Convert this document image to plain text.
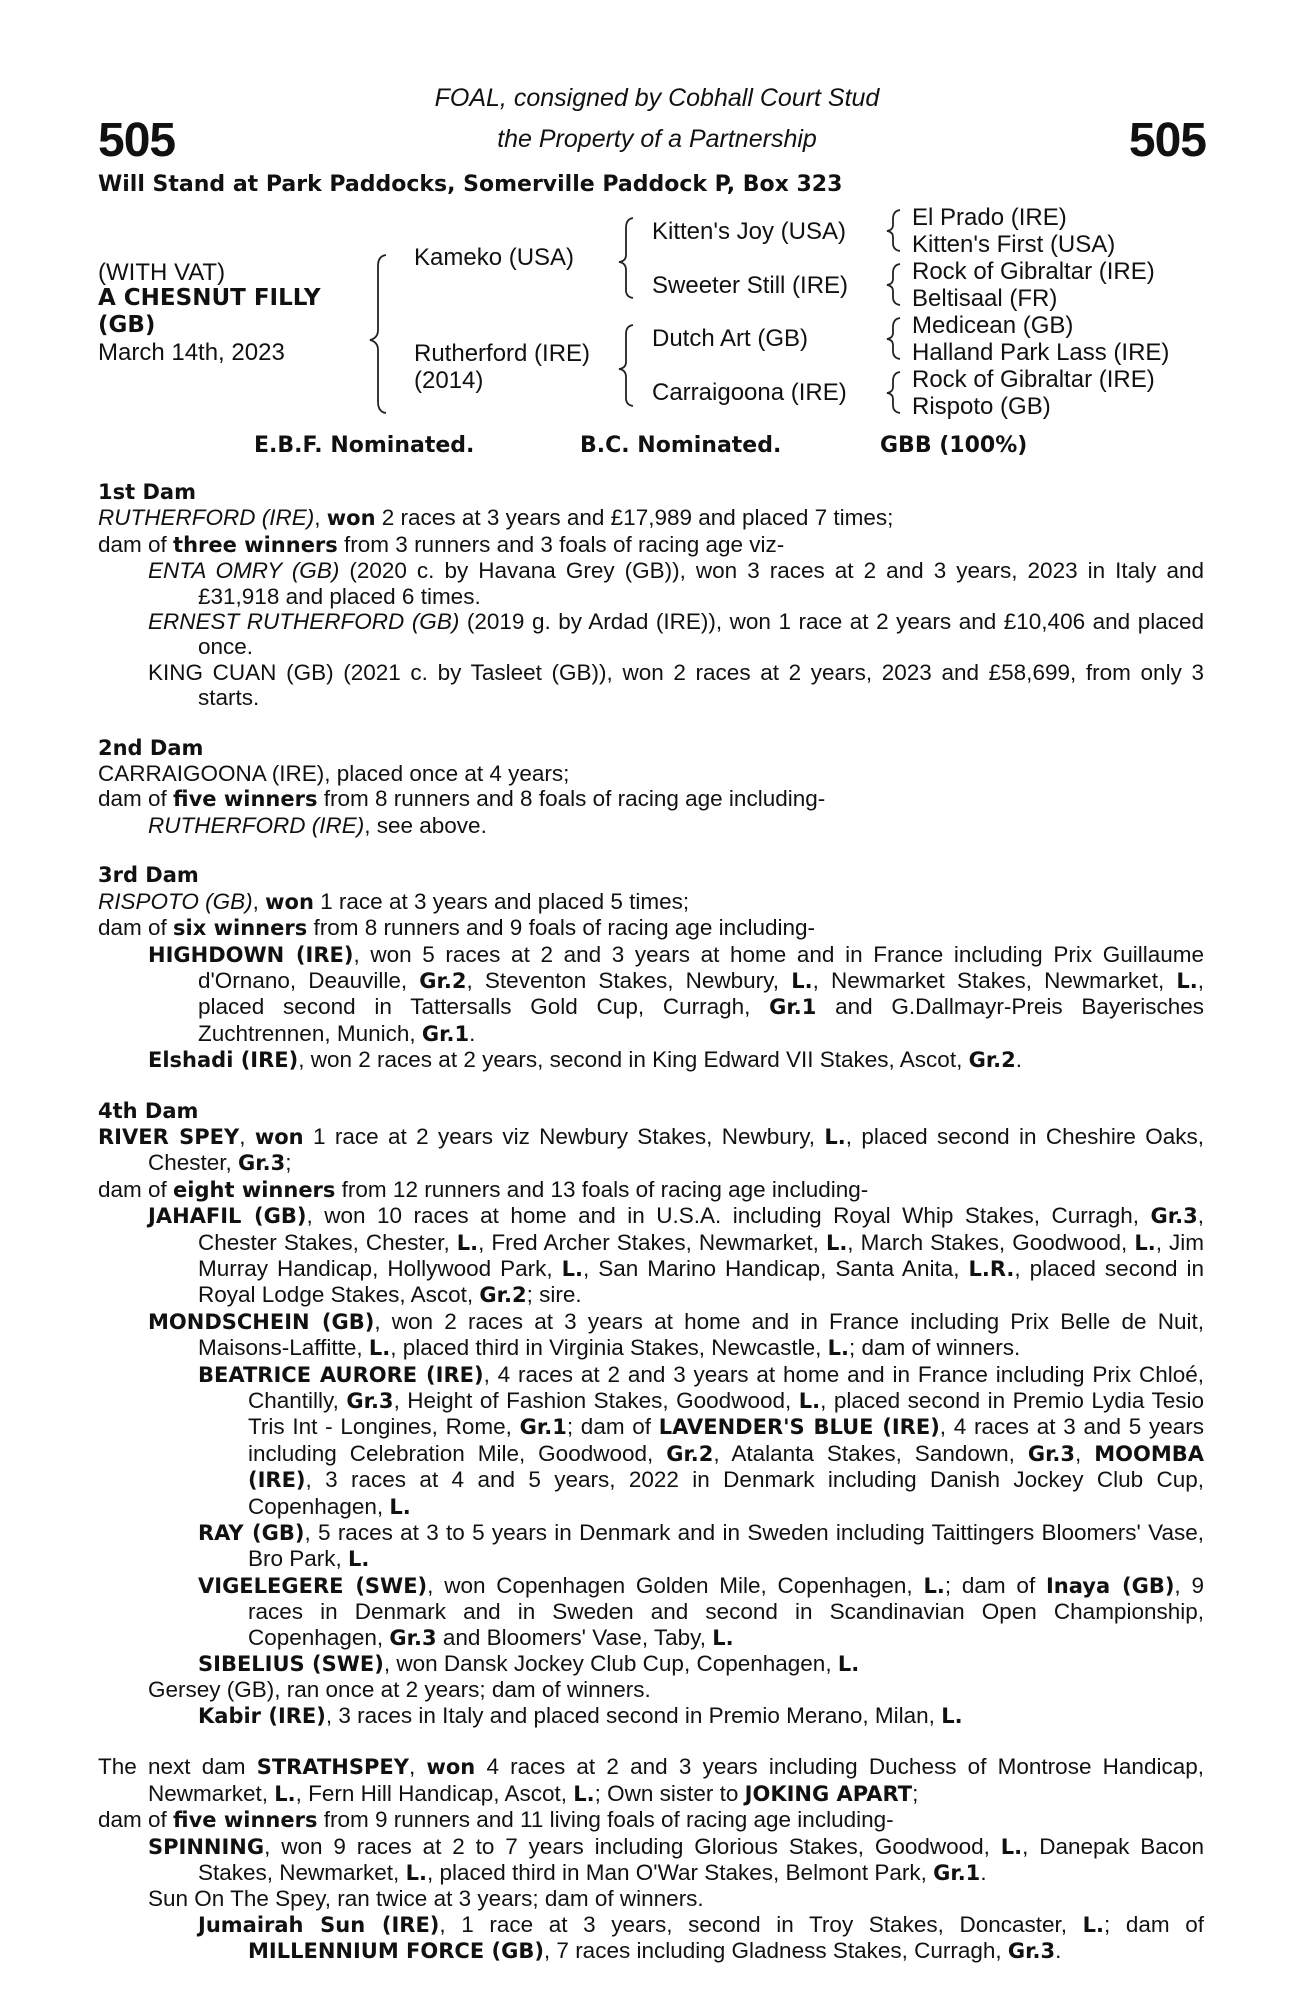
505	505
FOAL, consigned by Cobhall Court Stud
the Property of a Partnership
Will Stand at Park Paddocks, Somerville Paddock P, Box 323
(WITH VAT)
A CHESNUT FILLY
(GB)
March 14th, 2023
Kameko (USA)
Rutherford (IRE)
(2014)
Kitten's Joy (USA)
Sweeter Still (IRE)
Dutch Art (GB)
Carraigoona (IRE)
El Prado (IRE)
Kitten's First (USA)
Rock of Gibraltar (IRE)
Beltisaal (FR)
Medicean (GB)
Halland Park Lass (IRE)
Rock of Gibraltar (IRE)
Rispoto (GB)
E.B.F. Nominated.	B.C. Nominated.	GBB (100%)

1st Dam

RUTHERFORD (IRE), won 2 races at 3 years and £17,989 and placed 7 times;

dam of three winners from 3 runners and 3 foals of racing age viz-

ENTA OMRY (GB) (2020 c. by Havana Grey (GB)), won 3 races at 2 and 3 years, 2023 in Italy and £31,918 and placed 6 times.

ERNEST RUTHERFORD (GB) (2019 g. by Ardad (IRE)), won 1 race at 2 years and £10,406 and placed once.

KING CUAN (GB) (2021 c. by Tasleet (GB)), won 2 races at 2 years, 2023 and £58,699, from only 3 starts.

2nd Dam

CARRAIGOONA (IRE), placed once at 4 years;

dam of five winners from 8 runners and 8 foals of racing age including-

RUTHERFORD (IRE), see above.

3rd Dam

RISPOTO (GB), won 1 race at 3 years and placed 5 times;

dam of six winners from 8 runners and 9 foals of racing age including-

HIGHDOWN (IRE), won 5 races at 2 and 3 years at home and in France including Prix Guillaume d'Ornano, Deauville, Gr.2, Steventon Stakes, Newbury, L., Newmarket Stakes, Newmarket, L., placed second in Tattersalls Gold Cup, Curragh, Gr.1 and G.Dallmayr-Preis Bayerisches Zuchtrennen, Munich, Gr.1.

Elshadi (IRE), won 2 races at 2 years, second in King Edward VII Stakes, Ascot, Gr.2.

4th Dam

RIVER SPEY, won 1 race at 2 years viz Newbury Stakes, Newbury, L., placed second in Cheshire Oaks, Chester, Gr.3;

dam of eight winners from 12 runners and 13 foals of racing age including-

JAHAFIL (GB), won 10 races at home and in U.S.A. including Royal Whip Stakes, Curragh, Gr.3, Chester Stakes, Chester, L., Fred Archer Stakes, Newmarket, L., March Stakes, Goodwood, L., Jim Murray Handicap, Hollywood Park, L., San Marino Handicap, Santa Anita, L.R., placed second in Royal Lodge Stakes, Ascot, Gr.2; sire.

MONDSCHEIN (GB), won 2 races at 3 years at home and in France including Prix Belle de Nuit, Maisons-Laffitte, L., placed third in Virginia Stakes, Newcastle, L.; dam of winners.

BEATRICE AURORE (IRE), 4 races at 2 and 3 years at home and in France including Prix Chloé, Chantilly, Gr.3, Height of Fashion Stakes, Goodwood, L., placed second in Premio Lydia Tesio Tris Int - Longines, Rome, Gr.1; dam of LAVENDER'S BLUE (IRE), 4 races at 3 and 5 years including Celebration Mile, Goodwood, Gr.2, Atalanta Stakes, Sandown, Gr.3, MOOMBA (IRE), 3 races at 4 and 5 years, 2022 in Denmark including Danish Jockey Club Cup, Copenhagen, L.

RAY (GB), 5 races at 3 to 5 years in Denmark and in Sweden including Taittingers Bloomers' Vase, Bro Park, L.

VIGELEGERE (SWE), won Copenhagen Golden Mile, Copenhagen, L.; dam of Inaya (GB), 9 races in Denmark and in Sweden and second in Scandinavian Open Championship, Copenhagen, Gr.3 and Bloomers' Vase, Taby, L.

SIBELIUS (SWE), won Dansk Jockey Club Cup, Copenhagen, L.

Gersey (GB), ran once at 2 years; dam of winners.

Kabir (IRE), 3 races in Italy and placed second in Premio Merano, Milan, L.

The next dam STRATHSPEY, won 4 races at 2 and 3 years including Duchess of Montrose Handicap, Newmarket, L., Fern Hill Handicap, Ascot, L.; Own sister to JOKING APART;

dam of five winners from 9 runners and 11 living foals of racing age including-

SPINNING, won 9 races at 2 to 7 years including Glorious Stakes, Goodwood, L., Danepak Bacon Stakes, Newmarket, L., placed third in Man O'War Stakes, Belmont Park, Gr.1.

Sun On The Spey, ran twice at 3 years; dam of winners.

Jumairah Sun (IRE), 1 race at 3 years, second in Troy Stakes, Doncaster, L.; dam of MILLENNIUM FORCE (GB), 7 races including Gladness Stakes, Curragh, Gr.3.
